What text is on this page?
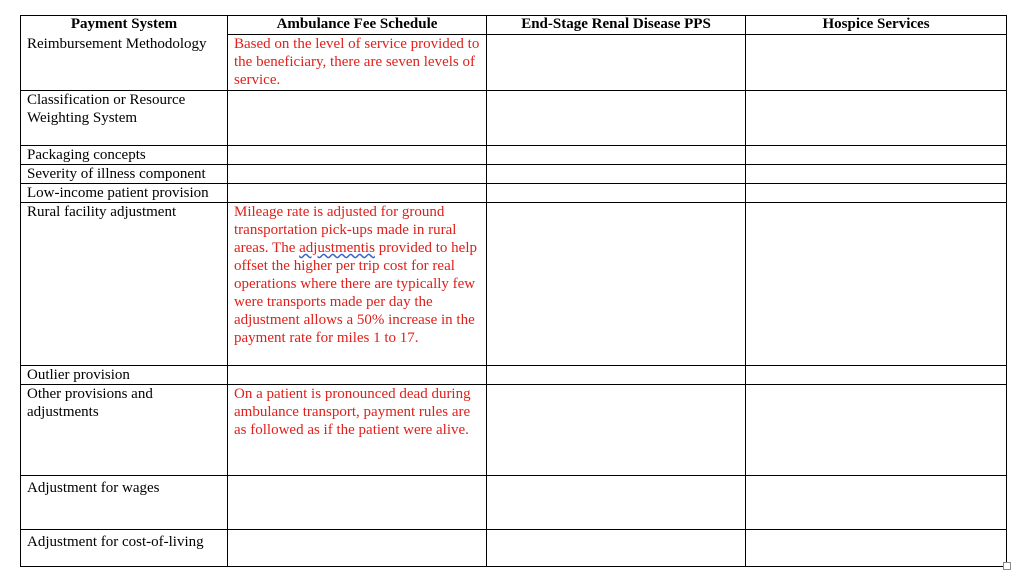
Payment System	Ambulance Fee Schedule	End-Stage Renal Disease PPS	Hospice Services
Reimbursement Methodology	Based on the level of service provided to the beneficiary, there are seven levels of service.		
Classification or Resource Weighting System			
Packaging concepts			
Severity of illness component			
Low-income patient provision			
Rural facility adjustment	Mileage rate is adjusted for ground transportation pick-ups made in rural areas. The adjustmentis provided to help offset the higher per trip cost for real operations where there are typically few were transports made per day the adjustment allows a 50% increase in the payment rate for miles 1 to 17.		
Outlier provision			
Other provisions and adjustments	On a patient is pronounced dead during ambulance transport, payment rules are as followed as if the patient were alive.		
Adjustment for wages			
Adjustment for cost-of-living			
